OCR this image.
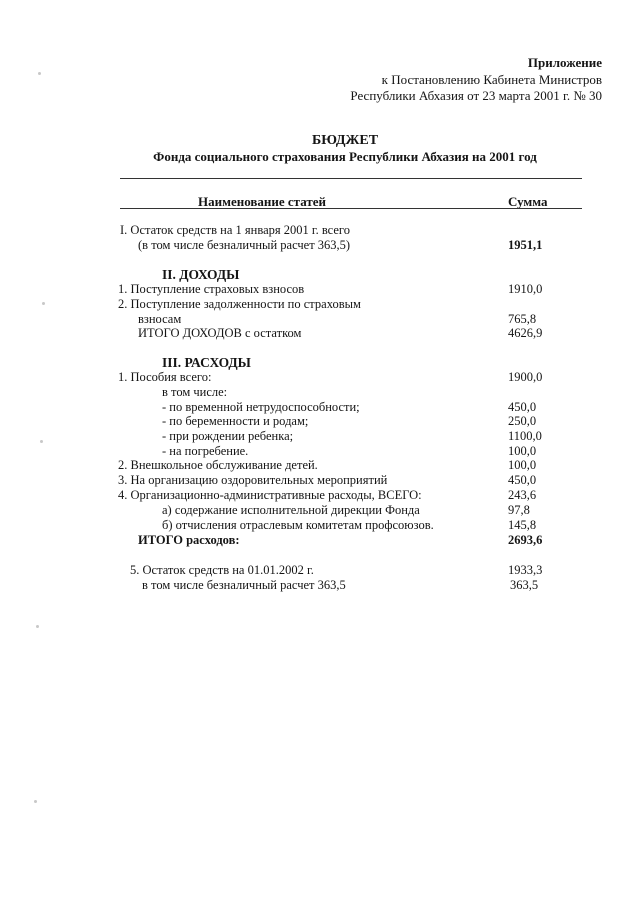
Приложение
к Постановлению Кабинета Министров
Республики Абхазия от 23 марта 2001 г. № 30
БЮДЖЕТ
Фонда социального страхования Республики Абхазия на 2001 год
Наименование статей	Сумма
I. Остаток средств на 1 января 2001 г. всего
(в том числе безналичный расчет 363,5)	1951,1
II. ДОХОДЫ
1. Поступление страховых взносов	1910,0
2. Поступление задолженности по страховым
взносам	765,8
ИТОГО ДОХОДОВ с остатком	4626,9
III. РАСХОДЫ
1. Пособия всего:	1900,0
в том числе:
- по временной нетрудоспособности;	450,0
- по беременности и родам;	250,0
- при рождении ребенка;	1100,0
- на погребение.	100,0
2. Внешкольное обслуживание детей.	100,0
3. На организацию оздоровительных мероприятий	450,0
4. Организационно-административные расходы, ВСЕГО:	243,6
а) содержание исполнительной дирекции Фонда	97,8
б) отчисления отраслевым комитетам профсоюзов.	145,8
ИТОГО расходов:	2693,6
5. Остаток средств на 01.01.2002 г.	1933,3
в том числе безналичный расчет 363,5	363,5
